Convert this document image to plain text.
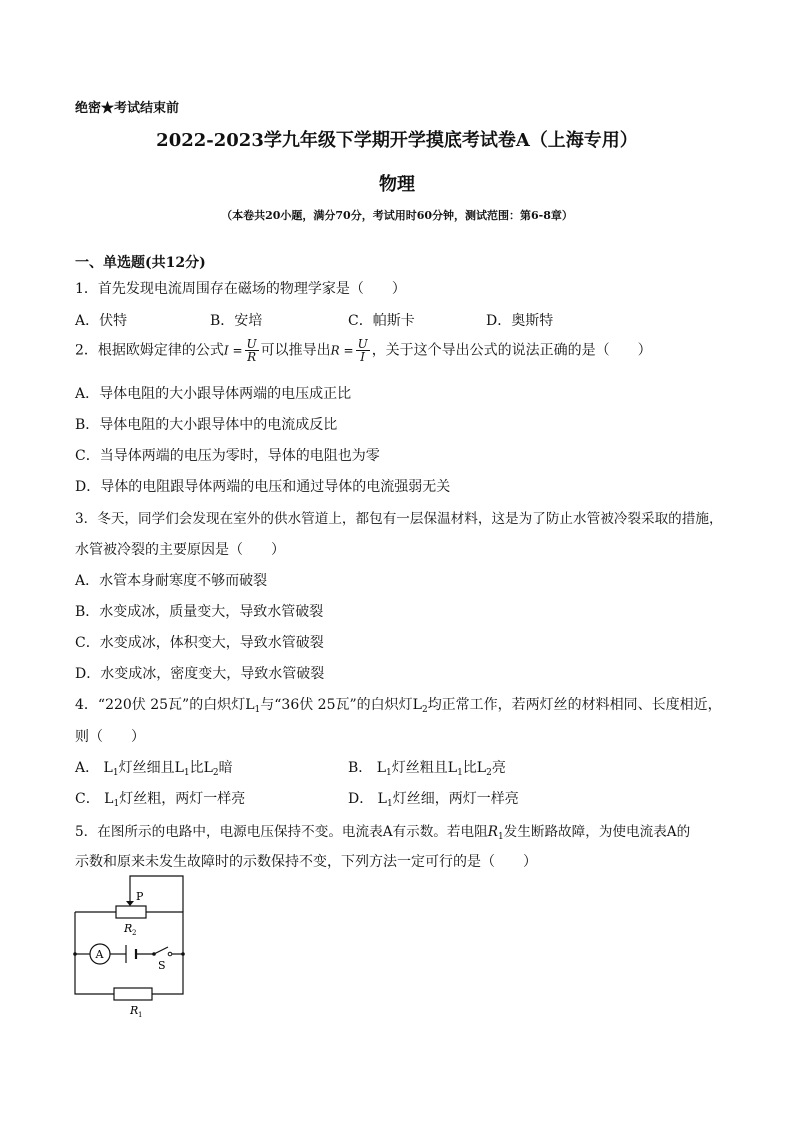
绝密★考试结束前
2022-2023学九年级下学期开学摸底考试卷A（上海专用）
物理
（本卷共20小题，满分70分，考试用时60分钟，测试范围：第6-8章）
一、单选题(共12分)
1．首先发现电流周围存在磁场的物理学家是（　　）
A．伏特	B．安培	C．帕斯卡	D．奥斯特
2．根据欧姆定律的公式$I = \frac{U}{R}$ 可以推导出$R = \frac{U}{I}$ ，关于这个导出公式的说法正确的是（　　）
A．导体电阻的大小跟导体两端的电压成正比
B．导体电阻的大小跟导体中的电流成反比
C．当导体两端的电压为零时，导体的电阻也为零
D．导体的电阻跟导体两端的电压和通过导体的电流强弱无关
3．冬天，同学们会发现在室外的供水管道上，都包有一层保温材料，这是为了防止水管被冷裂采取的措施，
水管被冷裂的主要原因是（　　）
A．水管本身耐寒度不够而破裂
B．水变成冰，质量变大，导致水管破裂
C．水变成冰，体积变大，导致水管破裂
D．水变成冰，密度变大，导致水管破裂
4．“220伏 25瓦”的白炽灯$L_1$与“36伏 25瓦”的白炽灯$L_2$均正常工作，若两灯丝的材料相同、长度相近，
则（　　）
A． $L_1$灯丝细且$L_1$比$L_2$暗	B． $L_1$灯丝粗且$L_1$比$L_2$亮
C． $L_1$灯丝粗，两灯一样亮	D． $L_1$灯丝细，两灯一样亮
5．在图所示的电路中，电源电压保持不变。电流表A有示数。若电阻$R_1$发生断路故障，为使电流表A的
示数和原来未发生故障时的示数保持不变，下列方法一定可行的是（　　）
P
R 2
A
S
R 1
